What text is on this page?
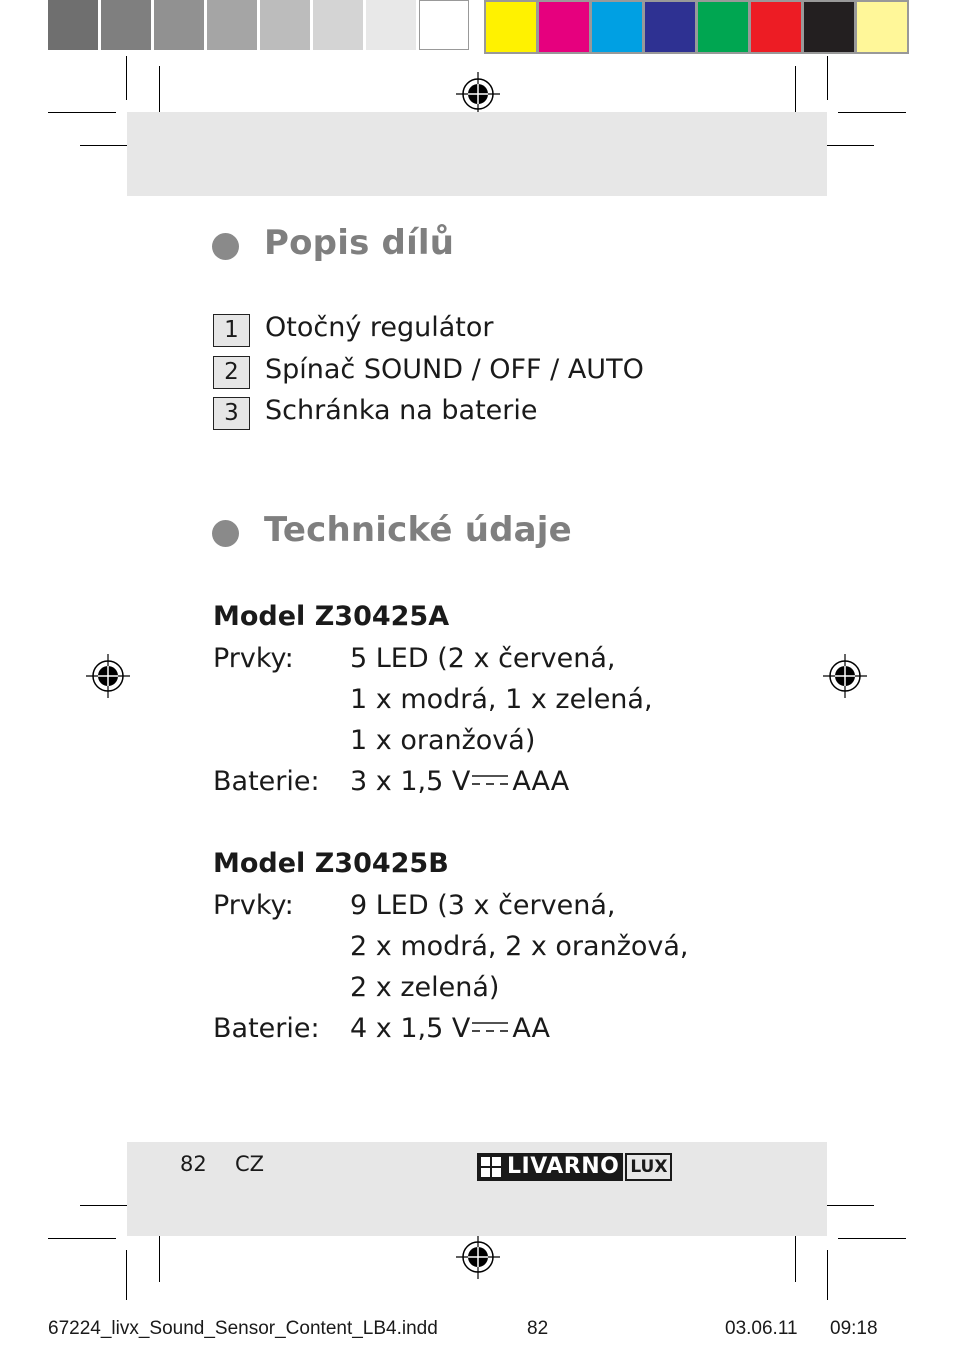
Popis dílů
1 Otočný regulátor
2 Spínač SOUND / OFF / AUTO
3 Schránka na baterie
Technické údaje
Model Z30425A
Prvky: 5 LED (2 x červená,
1 x modrá, 1 x zelená,
1 x oranžová)
Baterie: 3 x 1,5 V AAA
Model Z30425B
Prvky: 9 LED (3 x červená,
2 x modrá, 2 x oranžová,
2 x zelená)
Baterie: 4 x 1,5 V AA
82 CZ	LIVARNO LUX
67224_livx_Sound_Sensor_Content_LB4.indd	82	03.06.11 09:18
